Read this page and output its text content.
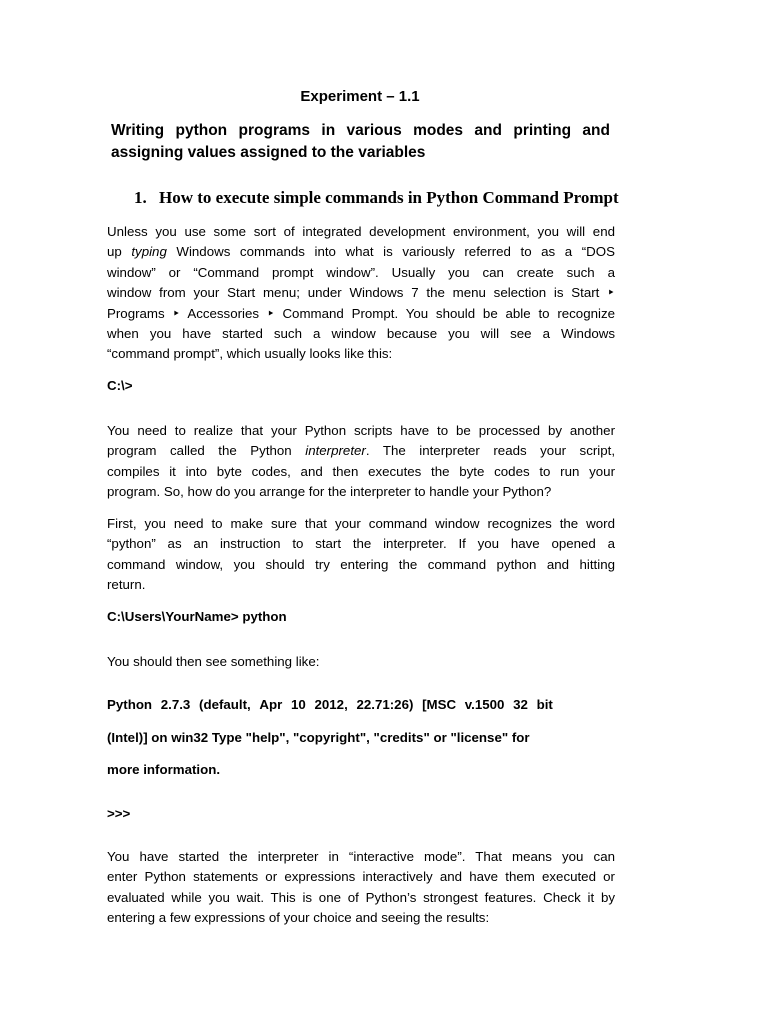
Experiment – 1.1

Writing python programs in various modes and printing and assigning values assigned to the variables

1. How to execute simple commands in Python Command Prompt
Unless you use some sort of integrated development environment, you will end
up typing Windows commands into what is variously referred to as a “DOS
window” or “Command prompt window”. Usually you can create such a
window from your Start menu; under Windows 7 the menu selection is Start ‣
Programs ‣ Accessories ‣ Command Prompt. You should be able to recognize
when you have started such a window because you will see a Windows
“command prompt”, which usually looks like this:
C:\>
You need to realize that your Python scripts have to be processed by another
program called the Python interpreter. The interpreter reads your script,
compiles it into byte codes, and then executes the byte codes to run your
program. So, how do you arrange for the interpreter to handle your Python?
First, you need to make sure that your command window recognizes the word
“python” as an instruction to start the interpreter. If you have opened a
command window, you should try entering the command python and hitting
return.
C:\Users\YourName> python
You should then see something like:
Python 2.7.3 (default, Apr 10 2012, 22.71:26) [MSC v.1500 32 bit
(Intel)] on win32 Type "help", "copyright", "credits" or "license" for
more information.
>>>
You have started the interpreter in “interactive mode”. That means you can
enter Python statements or expressions interactively and have them executed or
evaluated while you wait. This is one of Python’s strongest features. Check it by
entering a few expressions of your choice and seeing the results:
